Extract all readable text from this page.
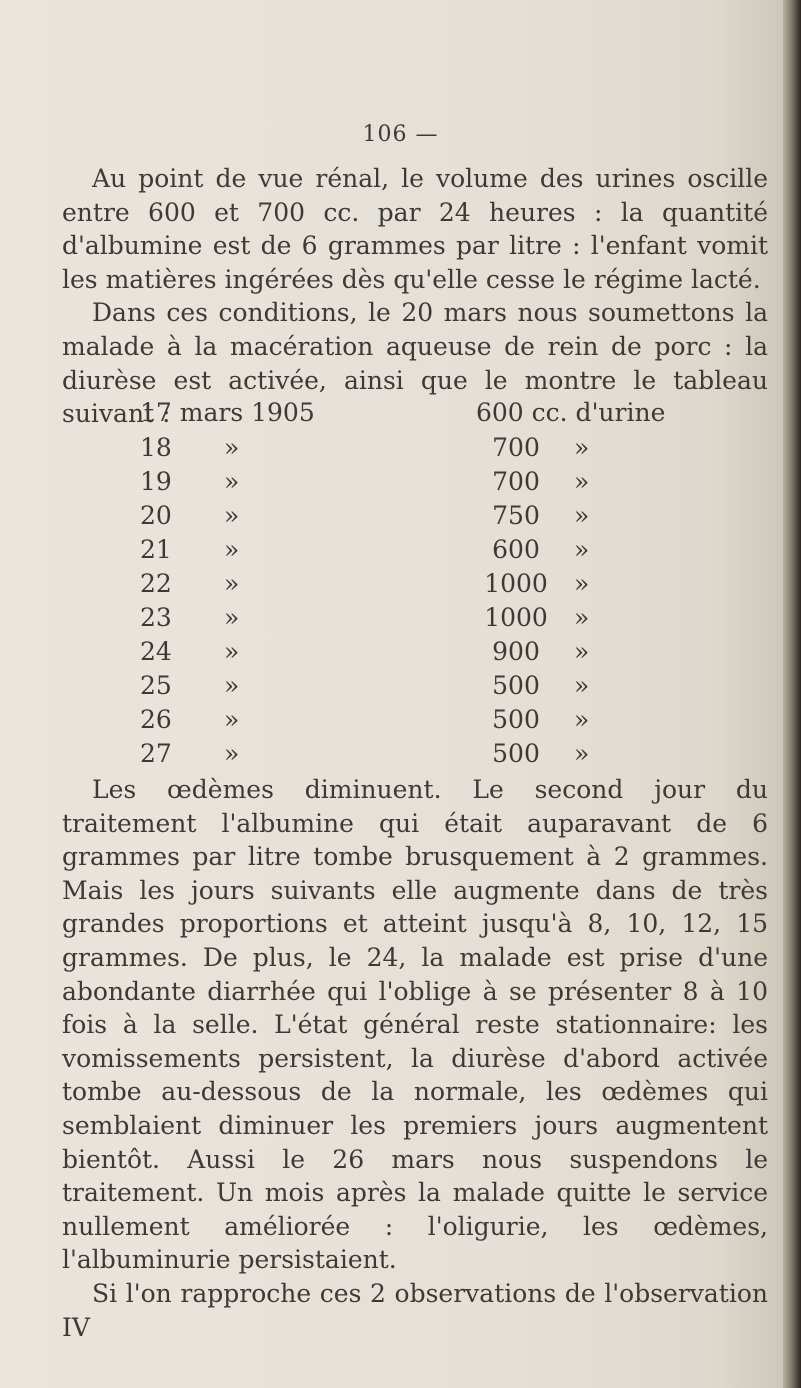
106 —

Au point de vue rénal, le volume des urines oscille entre 600 et 700 cc. par 24 heures : la quantité d'albumine est de 6 grammes par litre : l'enfant vomit les matières ingérées dès qu'elle cesse le régime lacté.

Dans ces conditions, le 20 mars nous soumettons la malade à la macération aqueuse de rein de porc : la diurèse est activée, ainsi que le montre le tableau suivant :

17 mars 1905	600 cc. d'urine
18	»	700	»
19	»	700	»
20	»	750	»
21	»	600	»
22	»	1000	»
23	»	1000	»
24	»	900	»
25	»	500	»
26	»	500	»
27	»	500	»

Les œdèmes diminuent. Le second jour du traitement l'albumine qui était auparavant de 6 grammes par litre tombe brusquement à 2 grammes. Mais les jours suivants elle augmente dans de très grandes proportions et atteint jusqu'à 8, 10, 12, 15 grammes. De plus, le 24, la malade est prise d'une abondante diarrhée qui l'oblige à se présenter 8 à 10 fois à la selle. L'état général reste stationnaire: les vomissements persistent, la diurèse d'abord activée tombe au-dessous de la normale, les œdèmes qui semblaient diminuer les premiers jours augmentent bientôt. Aussi le 26 mars nous suspendons le traitement. Un mois après la malade quitte le service nullement améliorée : l'oligurie, les œdèmes, l'albuminurie persistaient.

Si l'on rapproche ces 2 observations de l'observation IV
